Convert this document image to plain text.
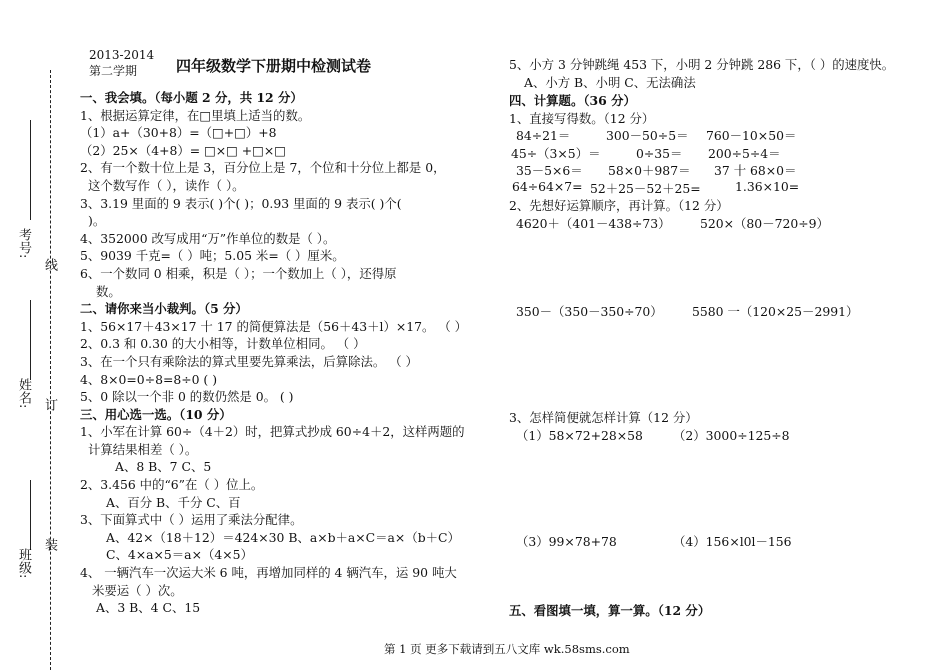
考号:
姓名:
班级:
线
订
装
2013-2014
第二学期	四年级数学下册期中检测试卷
一、我会填。（每小题 2 分，共 12 分）
1、根据运算定律，在□里填上适当的数。
（1）a+（30+8）=（□+□）+8
（2）25×（4+8）= □×□ +□×□
2、有一个数十位上是 3，百分位上是 7，个位和十分位上都是 0，
这个数写作（ ），读作（ ）。
3、3.19 里面的 9 表示( )个( )；0.93 里面的 9 表示( )个(
)。
4、352000 改写成用“万”作单位的数是（ ）。
5、9039 千克=（ ）吨；5.05 米=（ ）厘米。
6、一个数同 0 相乘，积是（ ）；一个数加上（ ），还得原
数。
二、请你来当小裁判。（5 分）
1、56×17＋43×17 十 17 的简便算法是（56＋43＋l）×17。 （ ）
2、0.3 和 0.30 的大小相等，计数单位相同。 （ ）
3、在一个只有乘除法的算式里要先算乘法，后算除法。 （ ）
4、8×0=0÷8=8÷0 ( )
5、0 除以一个非 0 的数仍然是 0。 ( )
三、用心选一选。（10 分）
1、小军在计算 60÷（4＋2）时，把算式抄成 60÷4＋2，这样两题的
计算结果相差（ ）。
A、8 B、7 C、5
2、3.456 中的“6”在（ ）位上。
A、百分 B、千分 C、百
3、下面算式中（ ）运用了乘法分配律。
A、42×（18＋12）＝424×30 B、a×b＋a×C＝a×（b＋C）
C、4×a×5＝a×（4×5）
4、 一辆汽车一次运大米 6 吨，再增加同样的 4 辆汽车，运 90 吨大
米要运（ ）次。
A、3 B、4 C、15
5、小方 3 分钟跳绳 453 下，小明 2 分钟跳 286 下，（ ）的速度快。
A、小方 B、小明 C、无法确法
四、计算题。（36 分）
1、直接写得数。（12 分）
84÷21＝	300－50÷5＝ 760－10×50＝
45÷（3×5）＝	0÷35＝ 200÷5÷4＝
35－5×6＝ 58×0＋987＝ 37 十 68×0＝
64÷64×7= 52＋25－52＋25=	1.36×10=
2、先想好运算顺序，再计算。（12 分）
4620＋（401－438÷73） 520×（80－720÷9）
350－（350－350÷70） 5580 一（120×25－2991）
3、怎样简便就怎样计算（12 分）
（1）58×72+28×58 （2）3000÷125÷8
（3）99×78+78	（4）156×l0l－156
五、看图填一填，算一算。（12 分）
第 1 页 更多下载请到五八文库 wk.58sms.com
